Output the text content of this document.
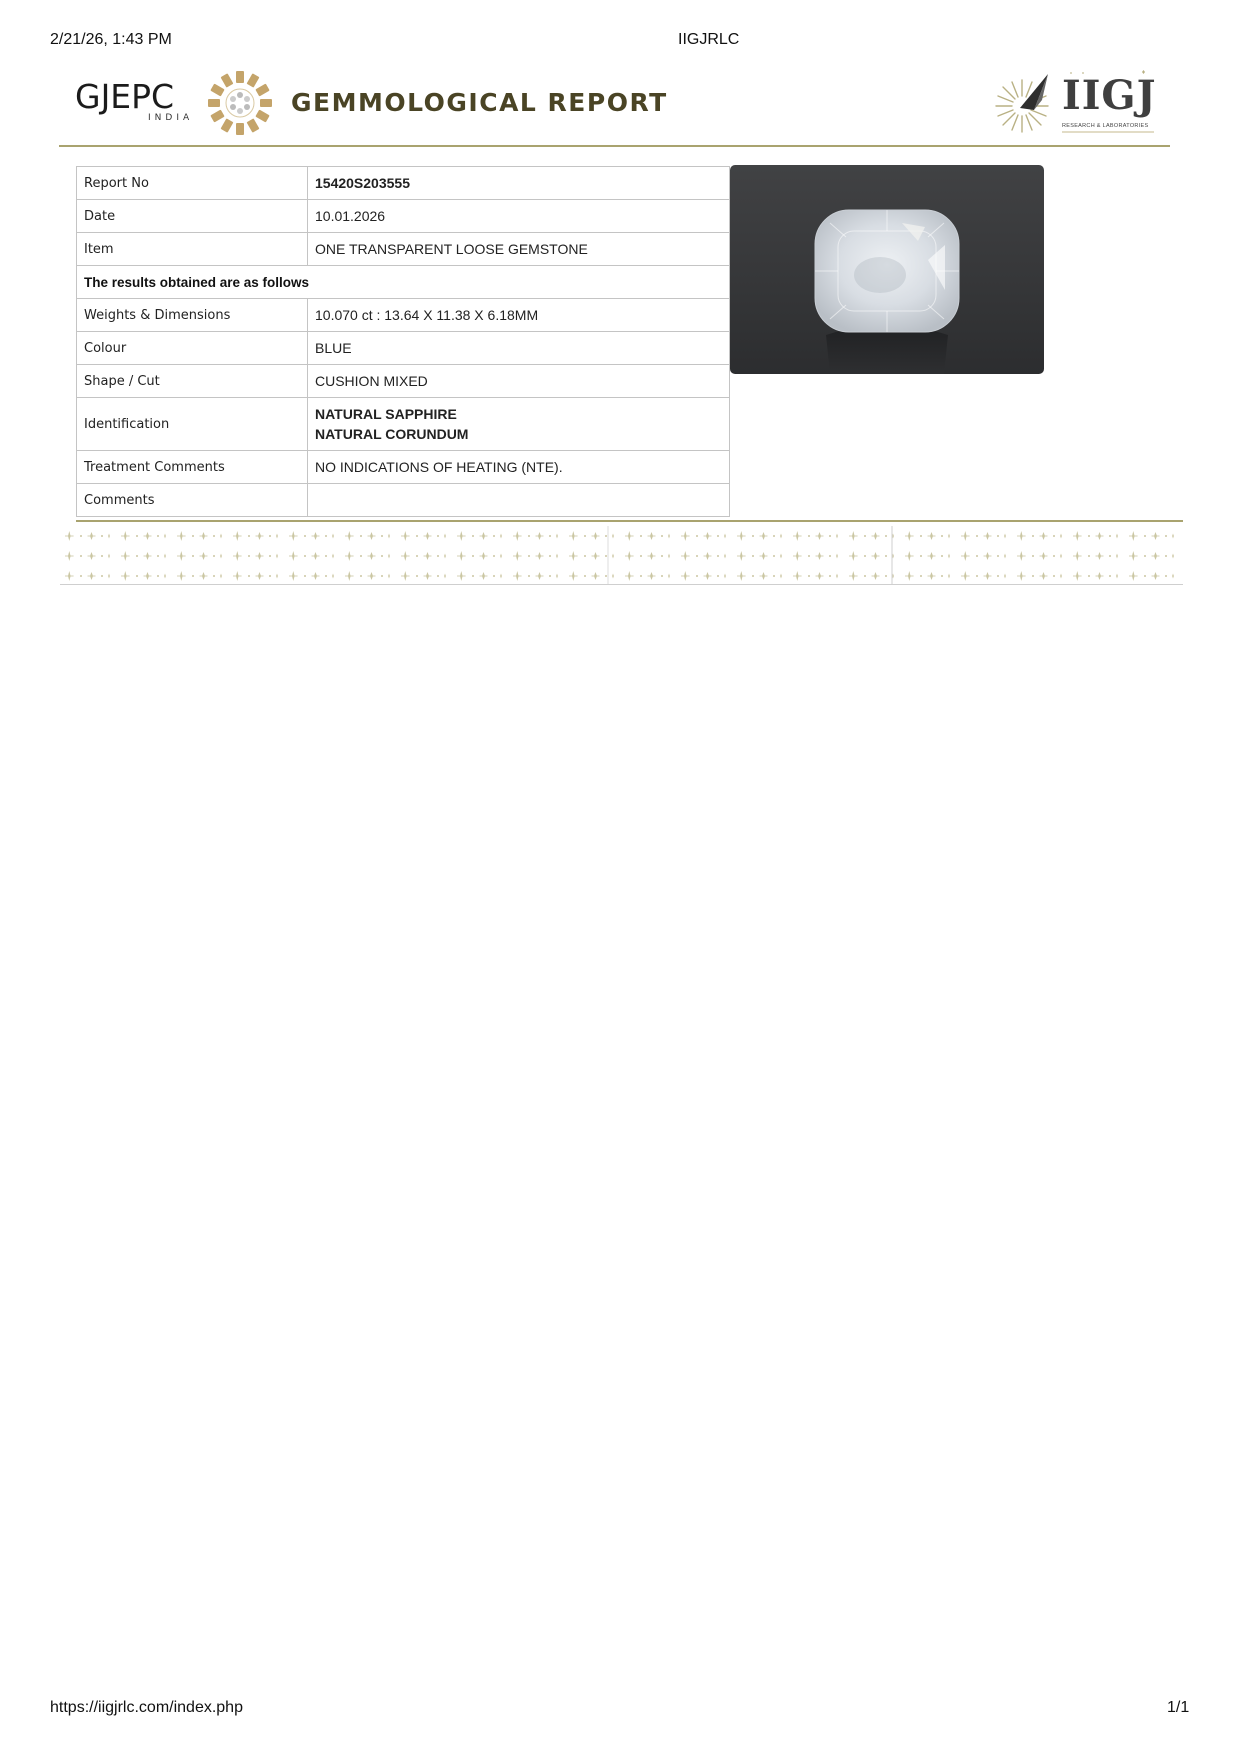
2/21/26, 1:43 PM	IIGJRLC
GJEPC
INDIA
GEMMOLOGICAL REPORT	IIGJ
RESEARCH & LABORATORIES
Report No	15420S203555
Date	10.01.2026
Item	ONE TRANSPARENT LOOSE GEMSTONE
The results obtained are as follows	
Weights & Dimensions	10.070 ct : 13.64 X 11.38 X 6.18MM
Colour	BLUE
Shape / Cut	CUSHION MIXED
Identification	NATURAL SAPPHIRE
NATURAL CORUNDUM

Treatment Comments	NO INDICATIONS OF HEATING (NTE).
Comments	
https://iigjrlc.com/index.php	1/1
